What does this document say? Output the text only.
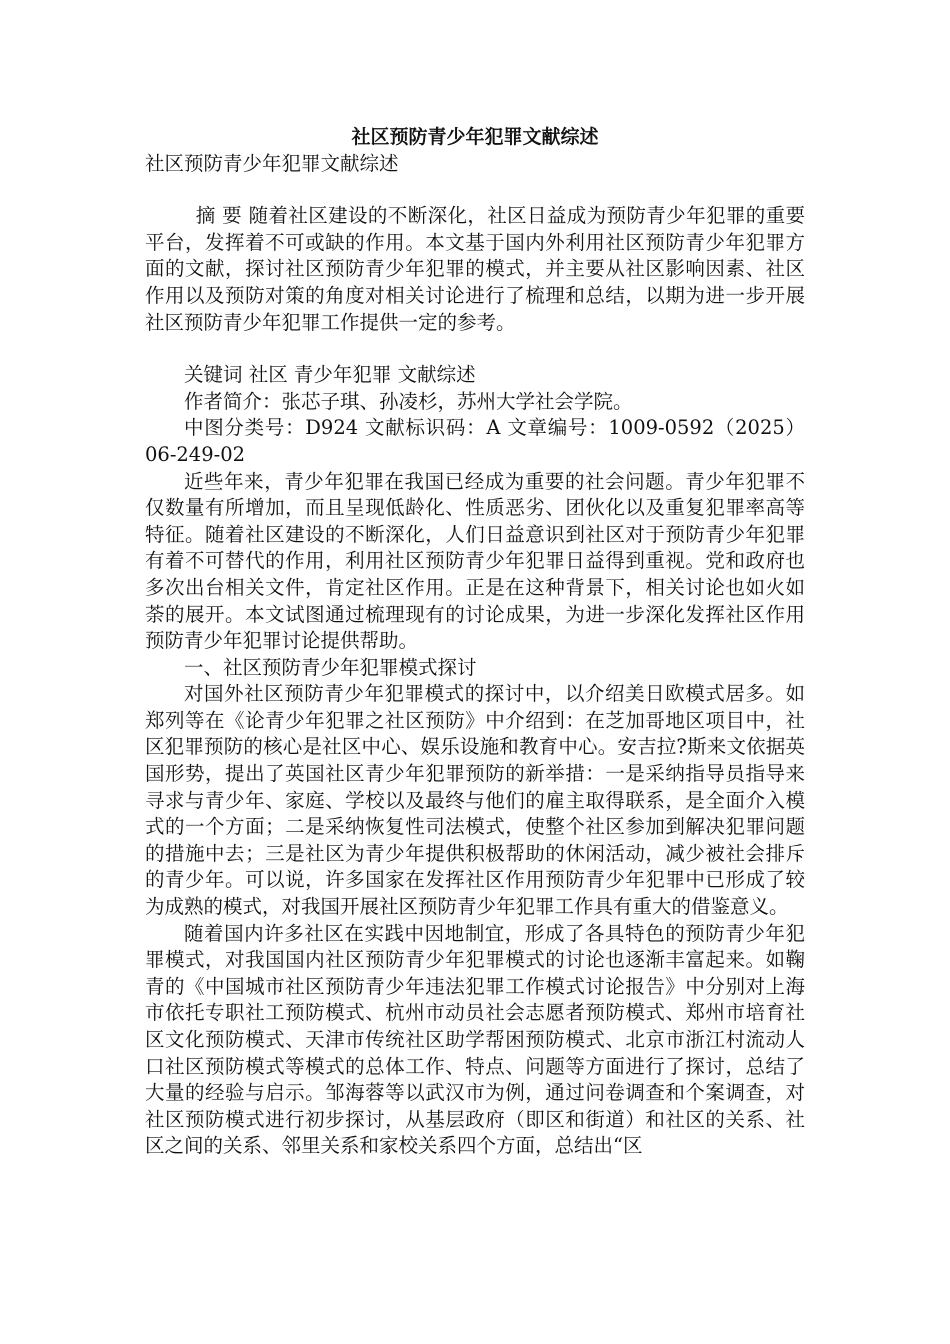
社区预防青少年犯罪文献综述

社区预防青少年犯罪文献综述

摘 要 随着社区建设的不断深化，社区日益成为预防青少年犯罪的重要平台，发挥着不可或缺的作用。本文基于国内外利用社区预防青少年犯罪方面的文献，探讨社区预防青少年犯罪的模式，并主要从社区影响因素、社区作用以及预防对策的角度对相关讨论进行了梳理和总结，以期为进一步开展社区预防青少年犯罪工作提供一定的参考。

关键词 社区 青少年犯罪 文献综述

作者简介：张芯子琪、孙凌杉，苏州大学社会学院。

中图分类号：D924 文献标识码：A 文章编号：1009-0592（2025）06-249-02

近些年来，青少年犯罪在我国已经成为重要的社会问题。青少年犯罪不仅数量有所增加，而且呈现低龄化、性质恶劣、团伙化以及重复犯罪率高等特征。随着社区建设的不断深化，人们日益意识到社区对于预防青少年犯罪有着不可替代的作用，利用社区预防青少年犯罪日益得到重视。党和政府也多次出台相关文件，肯定社区作用。正是在这种背景下，相关讨论也如火如荼的展开。本文试图通过梳理现有的讨论成果，为进一步深化发挥社区作用预防青少年犯罪讨论提供帮助。

一、社区预防青少年犯罪模式探讨

对国外社区预防青少年犯罪模式的探讨中，以介绍美日欧模式居多。如郑列等在《论青少年犯罪之社区预防》中介绍到：在芝加哥地区项目中，社区犯罪预防的核心是社区中心、娱乐设施和教育中心。安吉拉?斯来文依据英国形势，提出了英国社区青少年犯罪预防的新举措：一是采纳指导员指导来寻求与青少年、家庭、学校以及最终与他们的雇主取得联系，是全面介入模式的一个方面；二是采纳恢复性司法模式，使整个社区参加到解决犯罪问题的措施中去；三是社区为青少年提供积极帮助的休闲活动，减少被社会排斥的青少年。可以说，许多国家在发挥社区作用预防青少年犯罪中已形成了较为成熟的模式，对我国开展社区预防青少年犯罪工作具有重大的借鉴意义。

随着国内许多社区在实践中因地制宜，形成了各具特色的预防青少年犯罪模式，对我国国内社区预防青少年犯罪模式的讨论也逐渐丰富起来。如鞠青的《中国城市社区预防青少年违法犯罪工作模式讨论报告》中分别对上海市依托专职社工预防模式、杭州市动员社会志愿者预防模式、郑州市培育社区文化预防模式、天津市传统社区助学帮困预防模式、北京市浙江村流动人口社区预防模式等模式的总体工作、特点、问题等方面进行了探讨，总结了大量的经验与启示。邹海蓉等以武汉市为例，通过问卷调查和个案调查，对社区预防模式进行初步探讨，从基层政府（即区和街道）和社区的关系、社区之间的关系、邻里关系和家校关系四个方面，总结出“区
